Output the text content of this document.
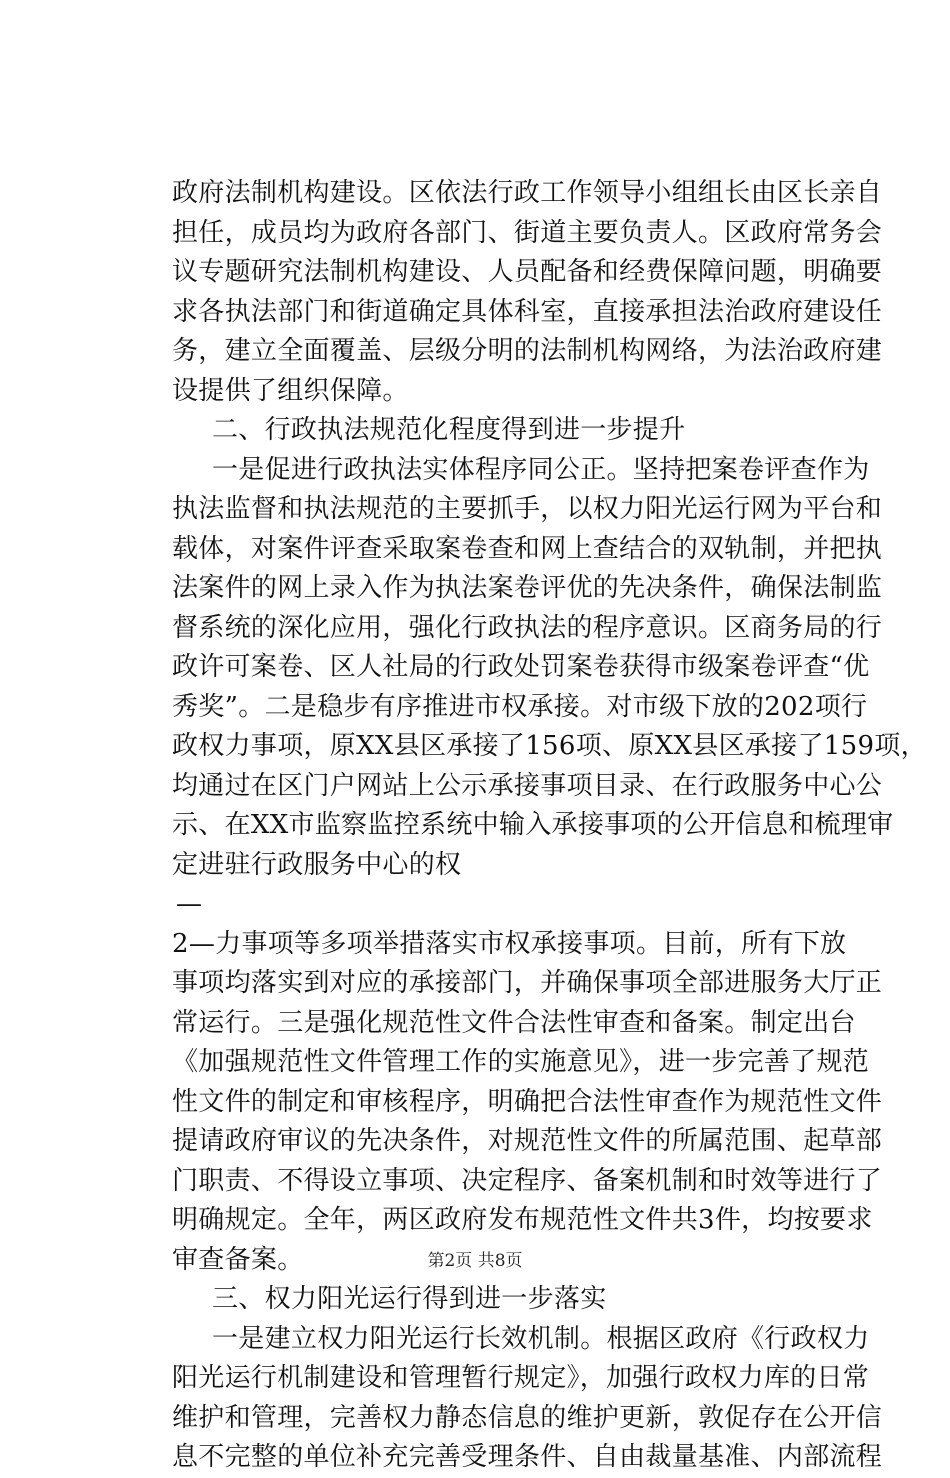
政府法制机构建设。区依法行政工作领导小组组长由区长亲自
担任，成员均为政府各部门、街道主要负责人。区政府常务会
议专题研究法制机构建设、人员配备和经费保障问题，明确要
求各执法部门和街道确定具体科室，直接承担法治政府建设任
务，建立全面覆盖、层级分明的法制机构网络，为法治政府建
设提供了组织保障。
二、行政执法规范化程度得到进一步提升
一是促进行政执法实体程序同公正。坚持把案卷评查作为
执法监督和执法规范的主要抓手，以权力阳光运行网为平台和
载体，对案件评查采取案卷查和网上查结合的双轨制，并把执
法案件的网上录入作为执法案卷评优的先决条件，确保法制监
督系统的深化应用，强化行政执法的程序意识。区商务局的行
政许可案卷、区人社局的行政处罚案卷获得市级案卷评查“优
秀奖”。二是稳步有序推进市权承接。对市级下放的202项行
政权力事项，原XX县区承接了156项、原XX县区承接了159项，
均通过在区门户网站上公示承接事项目录、在行政服务中心公
示、在XX市监察监控系统中输入承接事项的公开信息和梳理审
定进驻行政服务中心的权
—
2—力事项等多项举措落实市权承接事项。目前，所有下放
事项均落实到对应的承接部门，并确保事项全部进服务大厅正
常运行。三是强化规范性文件合法性审查和备案。制定出台
《加强规范性文件管理工作的实施意见》，进一步完善了规范
性文件的制定和审核程序，明确把合法性审查作为规范性文件
提请政府审议的先决条件，对规范性文件的所属范围、起草部
门职责、不得设立事项、决定程序、备案机制和时效等进行了
明确规定。全年，两区政府发布规范性文件共3件，均按要求
审查备案。
三、权力阳光运行得到进一步落实
一是建立权力阳光运行长效机制。根据区政府《行政权力
阳光运行机制建设和管理暂行规定》，加强行政权力库的日常
维护和管理，完善权力静态信息的维护更新，敦促存在公开信
息不完整的单位补充完善受理条件、自由裁量基准、内部流程
第2页 共8页
